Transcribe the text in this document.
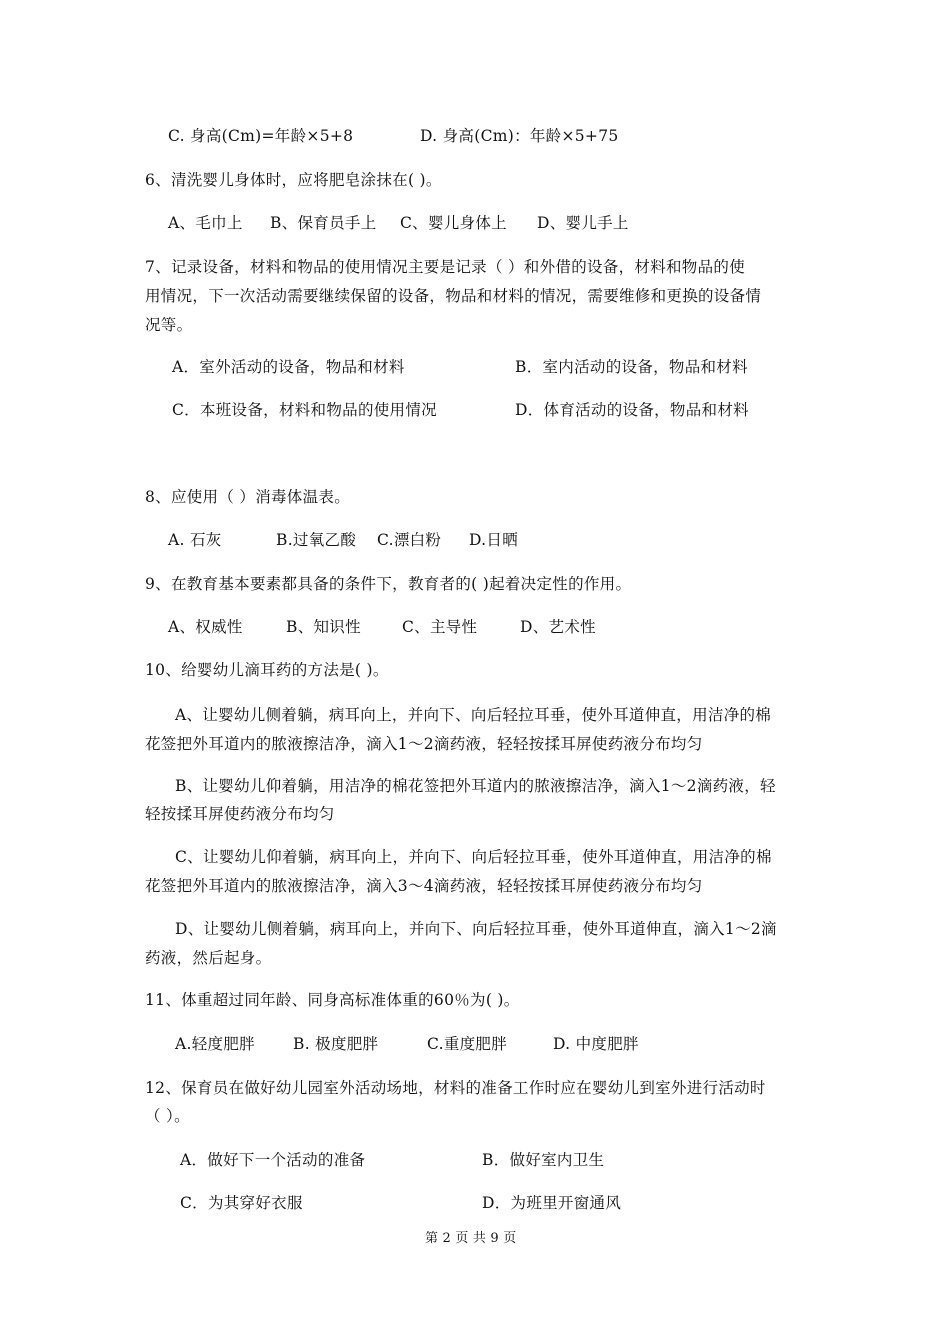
C. 身高(Cm)=年龄×5+8	D. 身高(Cm)：年龄×5+75
6、清洗婴儿身体时，应将肥皂涂抹在( )。
A、毛巾上 B、保育员手上 C、婴儿身体上 D、婴儿手上
7、记录设备，材料和物品的使用情况主要是记录（ ）和外借的设备，材料和物品的使
用情况，下一次活动需要继续保留的设备，物品和材料的情况，需要维修和更换的设备情
况等。
A．室外活动的设备，物品和材料	B．室内活动的设备，物品和材料
C．本班设备，材料和物品的使用情况	D．体育活动的设备，物品和材料
8、应使用（ ）消毒体温表。
A. 石灰	B.过氧乙酸 C.漂白粉 D.日晒
9、在教育基本要素都具备的条件下，教育者的( )起着决定性的作用。
A、权威性	B、知识性	C、主导性	D、艺术性
10、给婴幼儿滴耳药的方法是( )。
A、让婴幼儿侧着躺，病耳向上，并向下、向后轻拉耳垂，使外耳道伸直，用洁净的棉
花签把外耳道内的脓液擦洁净，滴入1～2滴药液，轻轻按揉耳屏使药液分布均匀
B、让婴幼儿仰着躺，用洁净的棉花签把外耳道内的脓液擦洁净，滴入1～2滴药液，轻
轻按揉耳屏使药液分布均匀
C、让婴幼儿仰着躺，病耳向上，并向下、向后轻拉耳垂，使外耳道伸直，用洁净的棉
花签把外耳道内的脓液擦洁净，滴入3～4滴药液，轻轻按揉耳屏使药液分布均匀
D、让婴幼儿侧着躺，病耳向上，并向下、向后轻拉耳垂，使外耳道伸直，滴入1～2滴
药液，然后起身。
11、体重超过同年龄、同身高标准体重的60％为( )。
A.轻度肥胖 B. 极度肥胖	C.重度肥胖	D. 中度肥胖
12、保育员在做好幼儿园室外活动场地，材料的准备工作时应在婴幼儿到室外进行活动时
（ ）。
A．做好下一个活动的准备	B．做好室内卫生
C．为其穿好衣服	D．为班里开窗通风
第 2 页 共 9 页
